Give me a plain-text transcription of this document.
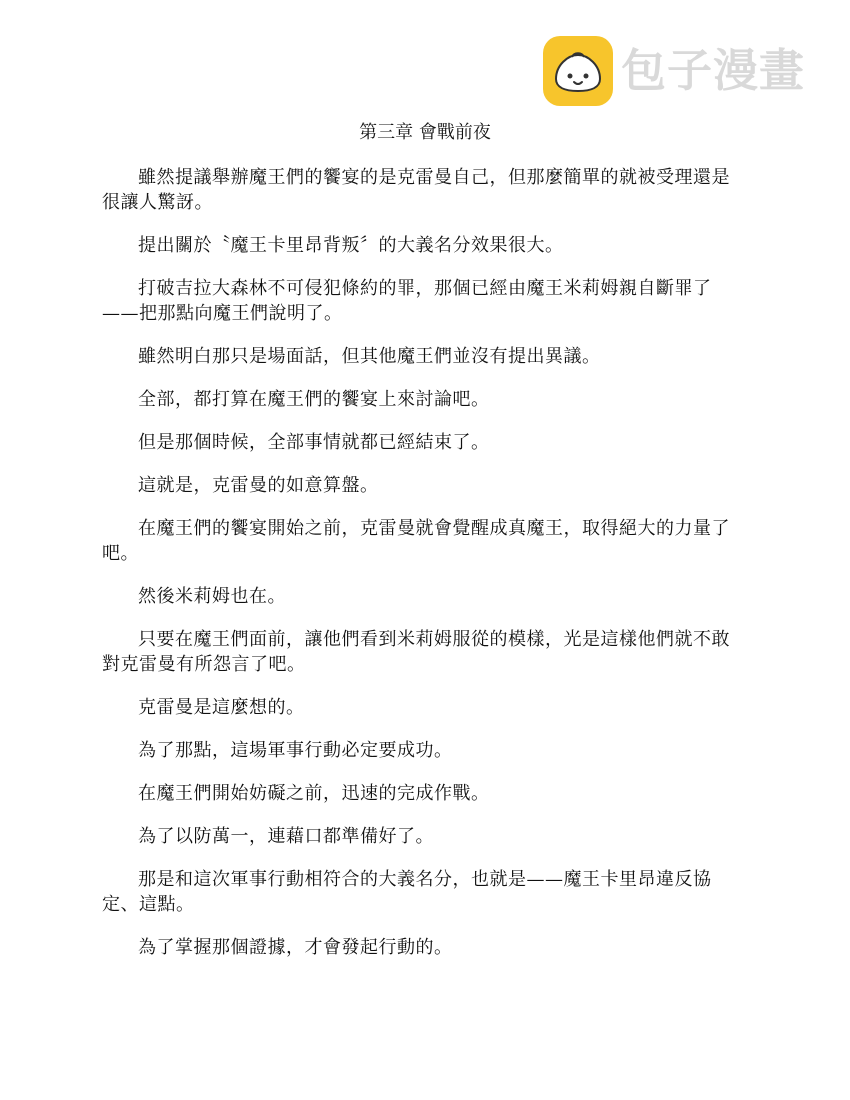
包子漫畫
第三章 會戰前夜

雖然提議舉辦魔王們的饗宴的是克雷曼自己，但那麼簡單的就被受理還是很讓人驚訝。

提出關於〝魔王卡里昂背叛〞的大義名分效果很大。

打破吉拉大森林不可侵犯條約的罪，那個已經由魔王米莉姆親自斷罪了——把那點向魔王們說明了。

雖然明白那只是場面話，但其他魔王們並沒有提出異議。

全部，都打算在魔王們的饗宴上來討論吧。

但是那個時候，全部事情就都已經結束了。

這就是，克雷曼的如意算盤。

在魔王們的饗宴開始之前，克雷曼就會覺醒成真魔王，取得絕大的力量了吧。

然後米莉姆也在。

只要在魔王們面前，讓他們看到米莉姆服從的模樣，光是這樣他們就不敢對克雷曼有所怨言了吧。

克雷曼是這麼想的。

為了那點，這場軍事行動必定要成功。

在魔王們開始妨礙之前，迅速的完成作戰。

為了以防萬一，連藉口都準備好了。

那是和這次軍事行動相符合的大義名分，也就是——魔王卡里昂違反協定、這點。

為了掌握那個證據，才會發起行動的。
